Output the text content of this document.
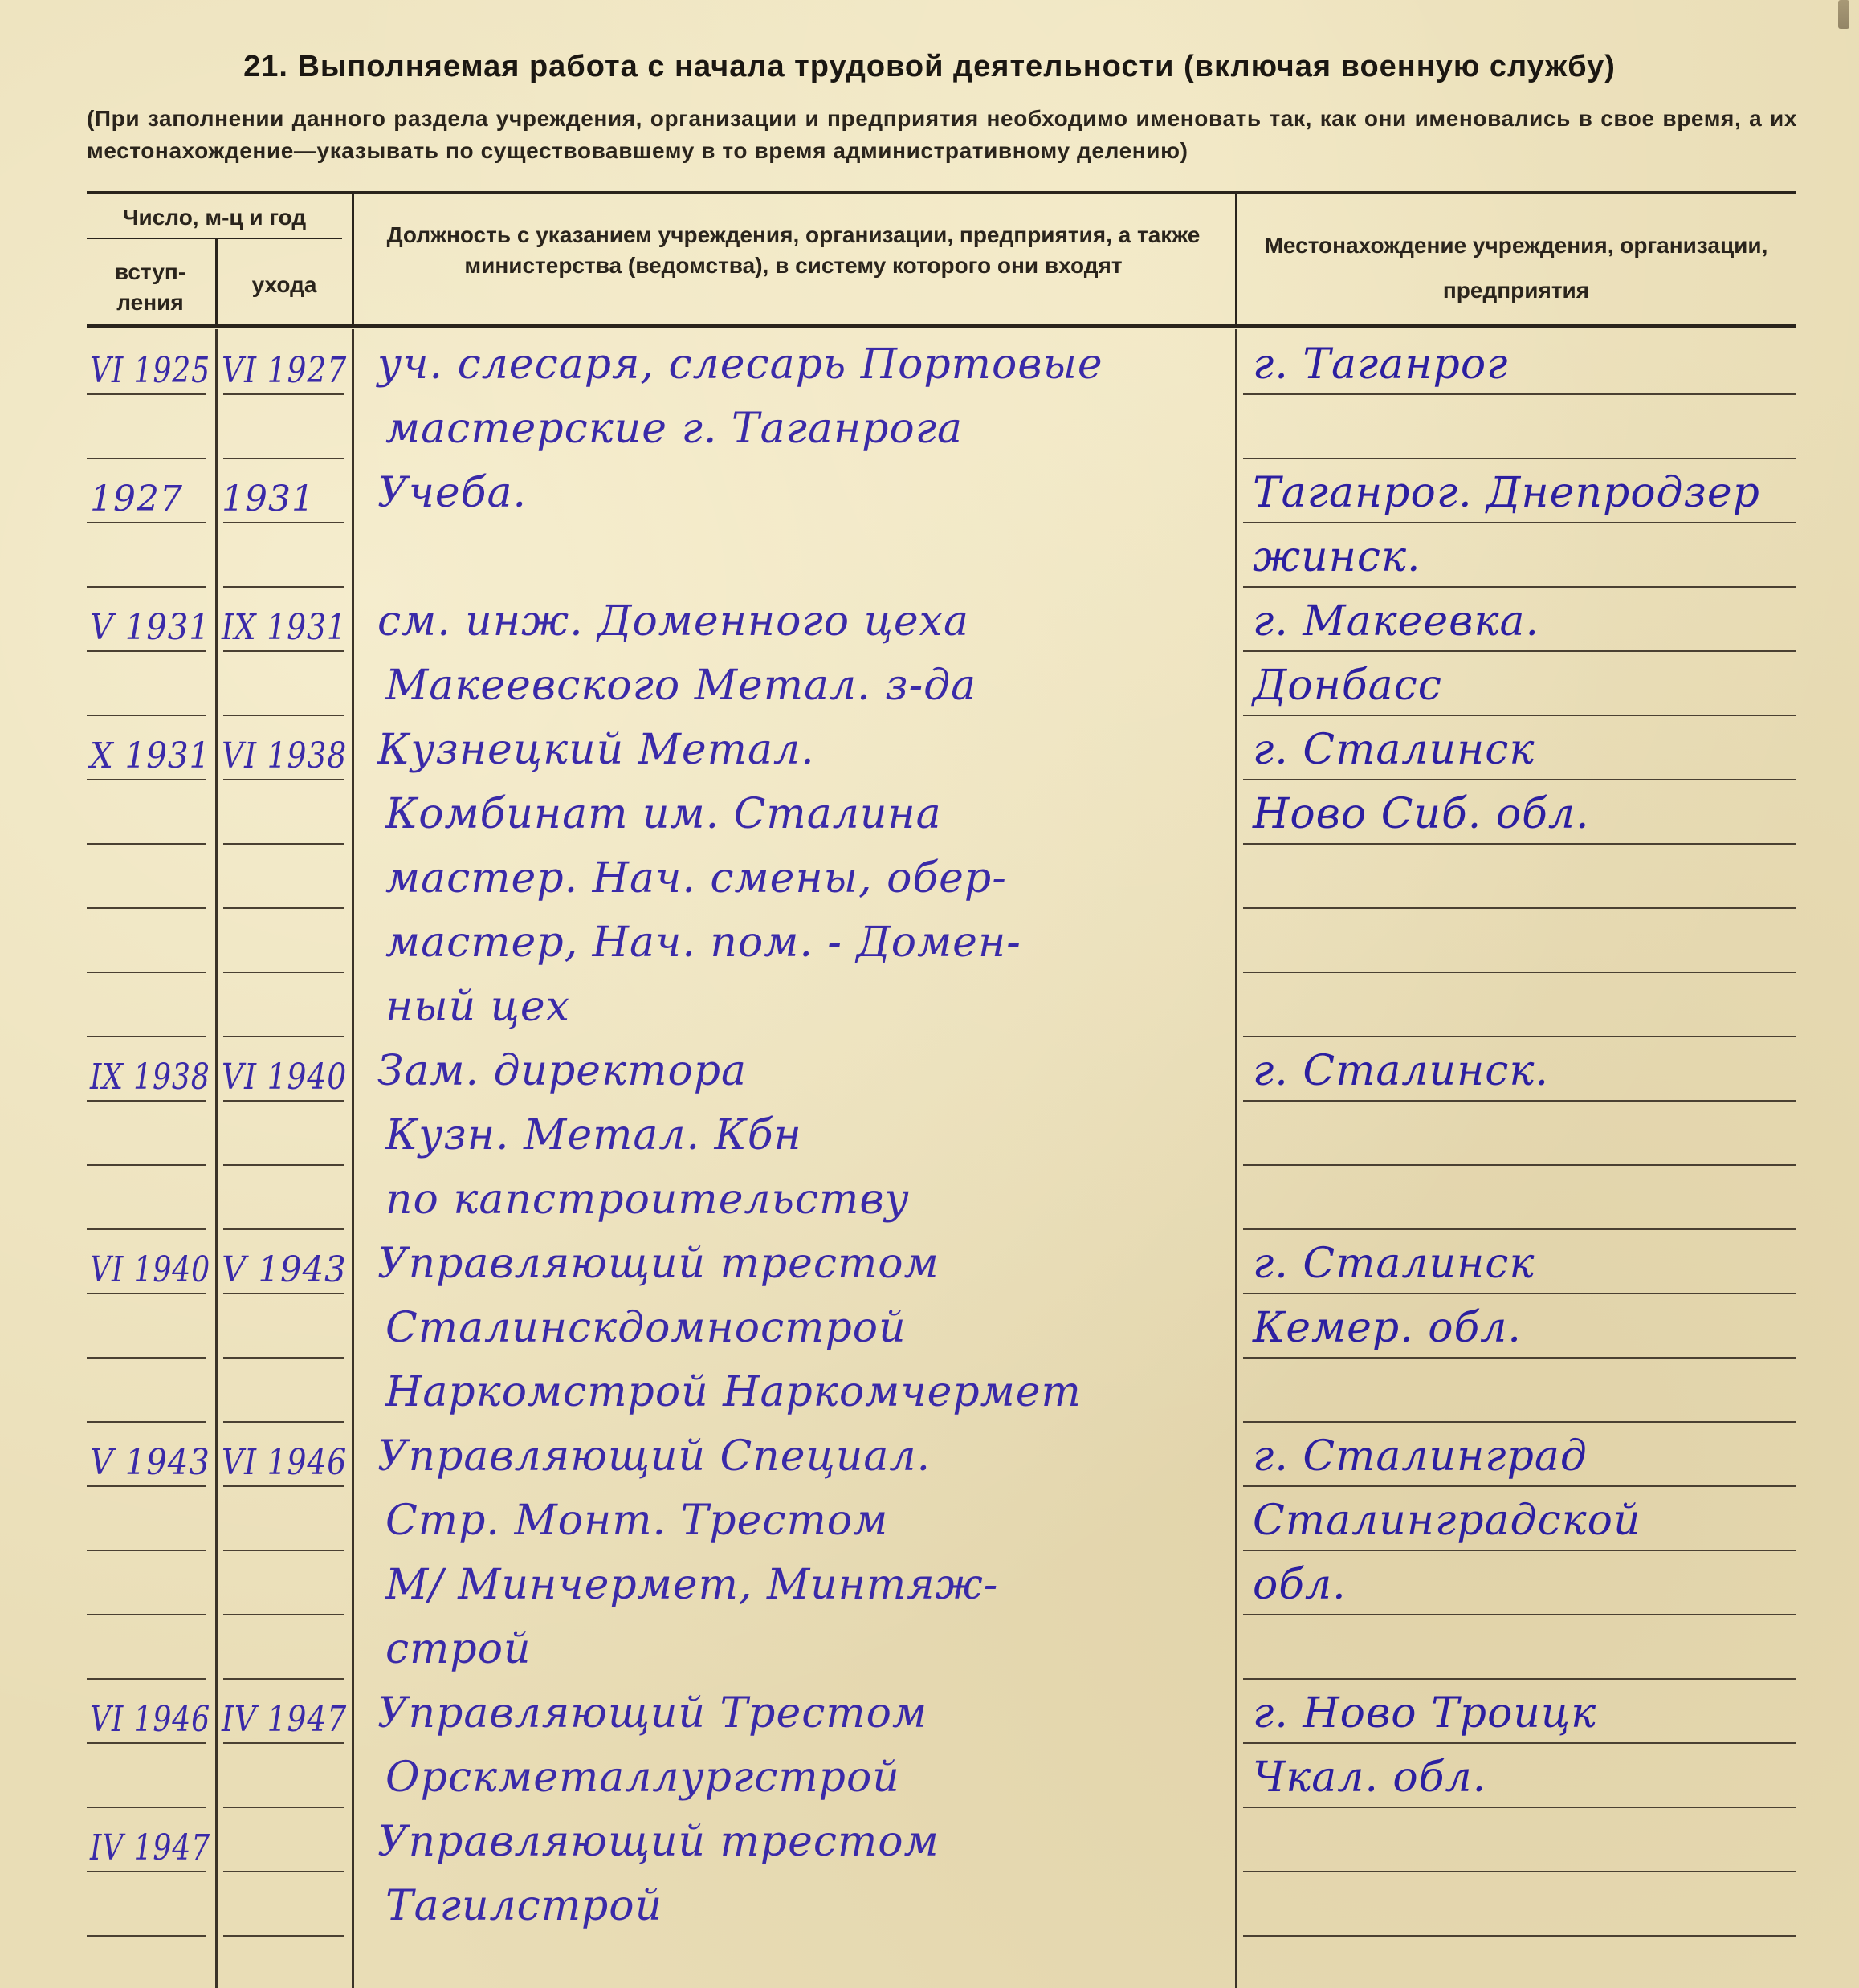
21. Выполняемая работа с начала трудовой деятельности (включая военную службу)
(При заполнении данного раздела учреждения, организации и предприятия необходимо именовать так, как они именовались в свое время, а их местонахождение—указывать по существовавшему в то время административному делению)
Число, м-ц и год
вступ-
ления
ухода
Должность с указанием учреждения, организации, предприятия, а также министерства (ведомства), в систему которого они входят
Местонахождение учреждения, организации, предприятия
VI 1925 VI 1927 уч. слесаря, слесарь Портовые
мастерские г. Таганрога
г. Таганрог
1927 1931 Учеба.	Таганрог. Днепродзер
жинск.
V 1931 IX 1931 см. инж. Доменного цеха
Макеевского Метал. з-да
г. Макеевка.
Донбасс
X 1931 VI 1938 Кузнецкий Метал.
Комбинат им. Сталина
мастер. Нач. смены, обер-
мастер, Нач. пом. - Домен-
ный цех
г. Сталинск
Ново Сиб. обл.
IX 1938 VI 1940 Зам. директора
Кузн. Метал. Кбн
по капстроительству
г. Сталинск.
VI 1940 V 1943 Управляющий трестом
Сталинскдомнострой
Наркомстрой Наркомчермет
г. Сталинск
Кемер. обл.
V 1943 VI 1946 Управляющий Специал.
Стр. Монт. Трестом
М/ Минчермет, Минтяж-
строй
г. Сталинград
Сталинградской
обл.
VI 1946 IV 1947 Управляющий Трестом
Орскметаллургстрой
г. Ново Троицк
Чкал. обл.
IV 1947	Управляющий трестом
Тагилстрой
